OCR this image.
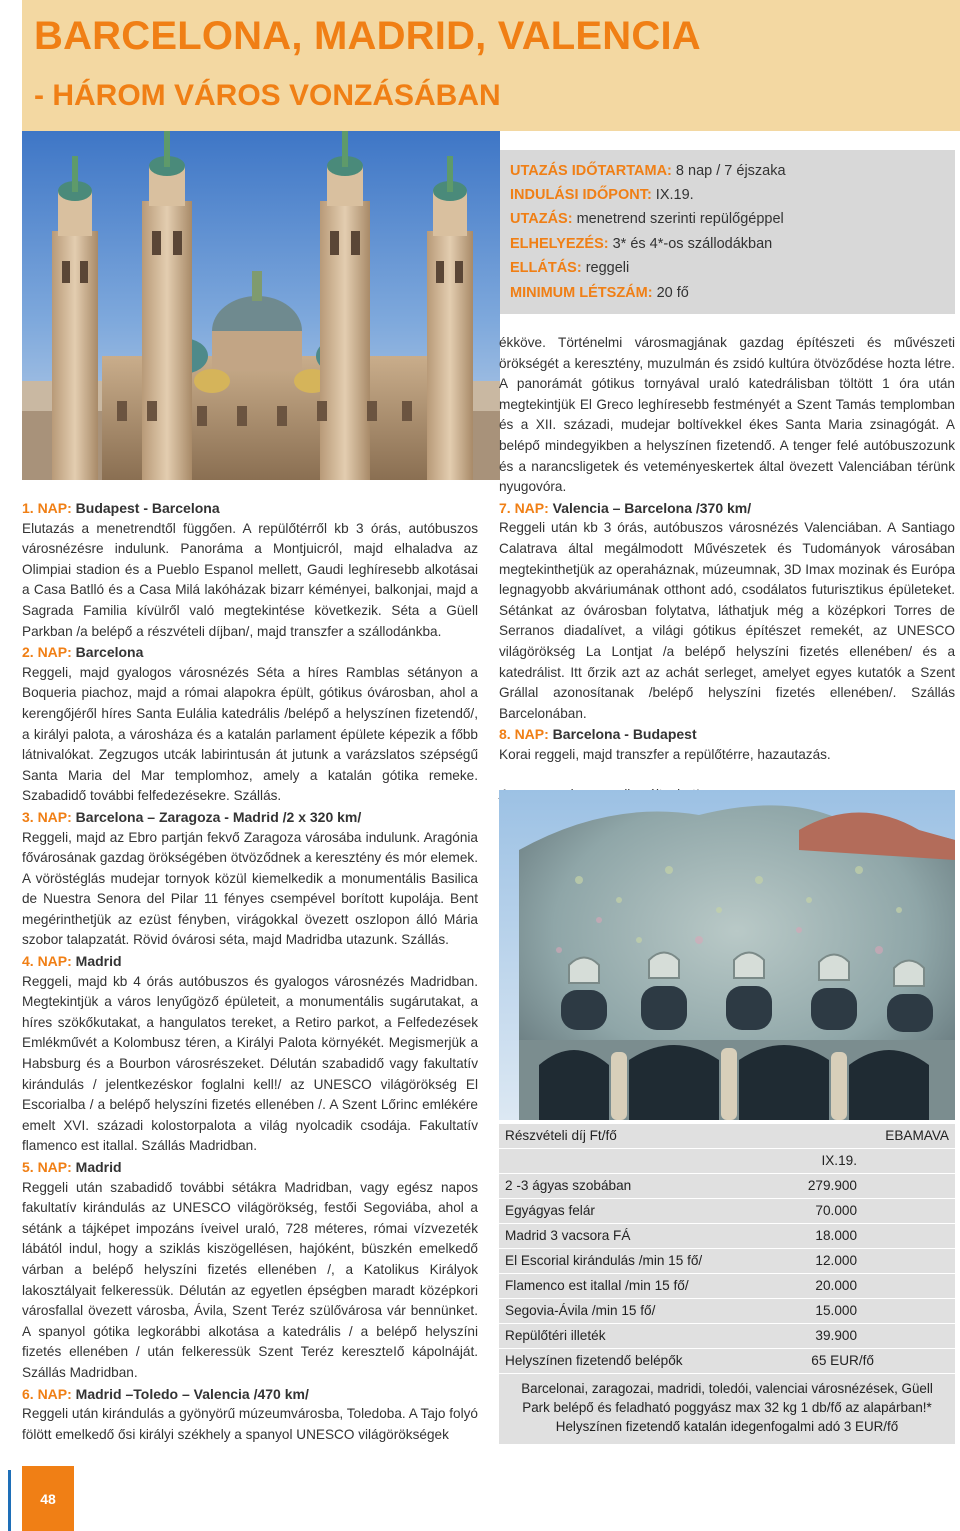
BARCELONA, MADRID, VALENCIA
- HÁROM VÁROS VONZÁSÁBAN
UTAZÁS IDŐTARTAMA: 8 nap / 7 éjszaka
INDULÁSI IDŐPONT: IX.19.
UTAZÁS: menetrend szerinti repülőgéppel
ELHELYEZÉS: 3* és 4*-os szállodákban
ELLÁTÁS: reggeli
MINIMUM LÉTSZÁM: 20 fő

1. NAP: Budapest - Barcelona

Elutazás a menetrendtől függően. A repülőtérről kb 3 órás, autóbuszos városnézésre indulunk. Panoráma a Montjuicról, majd elhaladva az Olimpiai stadion és a Pueblo Espanol mellett, Gaudi leghíresebb alkotásai a Casa Batlló és a Casa Milá lakóházak bizarr kéményei, balkonjai, majd a Sagrada Familia kívülről való megtekintése következik. Séta a Güell Parkban /a belépő a részvételi díjban/, majd transzfer a szállodánkba.

2. NAP: Barcelona

Reggeli, majd gyalogos városnézés Séta a híres Ramblas sétányon a Boqueria piachoz, majd a római alapokra épült, gótikus óvárosban, ahol a kerengőjéről híres Santa Eulália katedrális /belépő a helyszínen fizetendő/, a királyi palota, a városháza és a katalán parlament épülete képezik a főbb látnivalókat. Zegzugos utcák labirintusán át jutunk a varázslatos szépségű Santa Maria del Mar templomhoz, amely a katalán gótika remeke. Szabadidő további felfedezésekre. Szállás.

3. NAP: Barcelona – Zaragoza - Madrid /2 x 320 km/

Reggeli, majd az Ebro partján fekvő Zaragoza városába indulunk. Aragónia fővárosának gazdag örökségében ötvöződnek a keresztény és mór elemek. A vöröstéglás mudejar tornyok közül kiemelkedik a monumentális Basilica de Nuestra Senora del Pilar 11 fényes csempével borított kupolája. Bent megérinthetjük az ezüst fényben, virágokkal övezett oszlopon álló Mária szobor talapzatát. Rövid óvárosi séta, majd Madridba utazunk. Szállás.

4. NAP: Madrid

Reggeli, majd kb 4 órás autóbuszos és gyalogos városnézés Madridban. Megtekintjük a város lenyűgöző épületeit, a monumentális sugárutakat, a híres szökőkutakat, a hangulatos tereket, a Retiro parkot, a Felfedezések Emlékművét a Kolombusz téren, a Királyi Palota környékét. Megismerjük a Habsburg és a Bourbon városrészeket. Délután szabadidő vagy fakultatív kirándulás / jelentkezéskor foglalni kell!/ az UNESCO világörökség El Escorialba / a belépő helyszíni fizetés ellenében /. A Szent Lőrinc emlékére emelt XVI. századi kolostorpalota a világ nyolcadik csodája. Fakultatív flamenco est itallal. Szállás Madridban.

5. NAP: Madrid

Reggeli után szabadidő további sétákra Madridban, vagy egész napos fakultatív kirándulás az UNESCO világörökség, festői Segoviába, ahol a sétánk a tájképet impozáns íveivel uraló, 728 méteres, római vízvezeték lábától indul, hogy a sziklás kiszögellésen, hajóként, büszkén emelkedő várban a belépő helyszíni fizetés ellenében /, a Katolikus Királyok lakosztályait felkeressük. Délután az egyetlen épségben maradt középkori városfallal övezett városba, Ávila, Szent Teréz szülővárosa vár bennünket. A spanyol gótika legkorábbi alkotása a katedrális / a belépő helyszíni fizetés ellenében / után felkeressük Szent Teréz kereszteIő kápolnáját. Szállás Madridban.

6. NAP: Madrid –Toledo – Valencia /470 km/

Reggeli után kirándulás a gyönyörű múzeumvárosba, Toledoba. A Tajo folyó fölött emelkedő ősi királyi székhely a spanyol UNESCO világörökségek

ékköve. Történelmi városmagjának gazdag építészeti és művészeti örökségét a keresztény, muzulmán és zsidó kultúra ötvöződése hozta létre. A panorámát gótikus tornyával uraló katedrálisban töltött 1 óra után megtekintjük El Greco leghíresebb festményét a Szent Tamás templomban és a XII. századi, mudejar boltívekkel ékes Santa Maria zsinagógát. A belépő mindegyikben a helyszínen fizetendő. A tenger felé autóbuszozunk és a narancsligetek és veteményeskertek által övezett Valenciában térünk nyugovóra.

7. NAP: Valencia – Barcelona /370 km/

Reggeli után kb 3 órás, autóbuszos városnézés Valenciában. A Santiago Calatrava által megálmodott Művészetek és Tudományok városában megtekinthetjük az operaháznak, múzeumnak, 3D Imax mozinak és Európa legnagyobb akváriumának otthont adó, csodálatos futurisztikus épületeket. Sétánkat az óvárosban folytatva, láthatjuk még a középkori Torres de Serranos diadalívet, a világi gótikus építészet remekét, az UNESCO világörökség La Lontjat /a belépő helyszíni fizetés ellenében/ és a katedrálist. Itt őrzik azt az achát serleget, amelyet egyes kutatók a Szent Grállal azonosítanak /belépő helyszíni fizetés ellenében/. Szállás Barcelonában.

8. NAP: Barcelona - Budapest

Korai reggeli, majd transzfer a repülőtérre, hazautazás.

Részvételi díj Ft/fő	EBAMAVA
IX.19.
2 -3 ágyas szobában	279.900
Egyágyas felár	70.000
Madrid 3 vacsora FÁ	18.000
El Escorial kirándulás /min 15 fő/	12.000
Flamenco est itallal /min 15 fő/	20.000
Segovia-Ávila /min 15 fő/	15.000
Repülőtéri illeték	39.900
Helyszínen fizetendő belépők	65 EUR/fő
Barcelonai, zaragozai, madridi, toledói, valenciai városnézések, Güell Park belépő és feladható poggyász max 32 kg 1 db/fő az alapárban!* Helyszínen fizetendő katalán idegenfogalmi adó 3 EUR/fő
48
